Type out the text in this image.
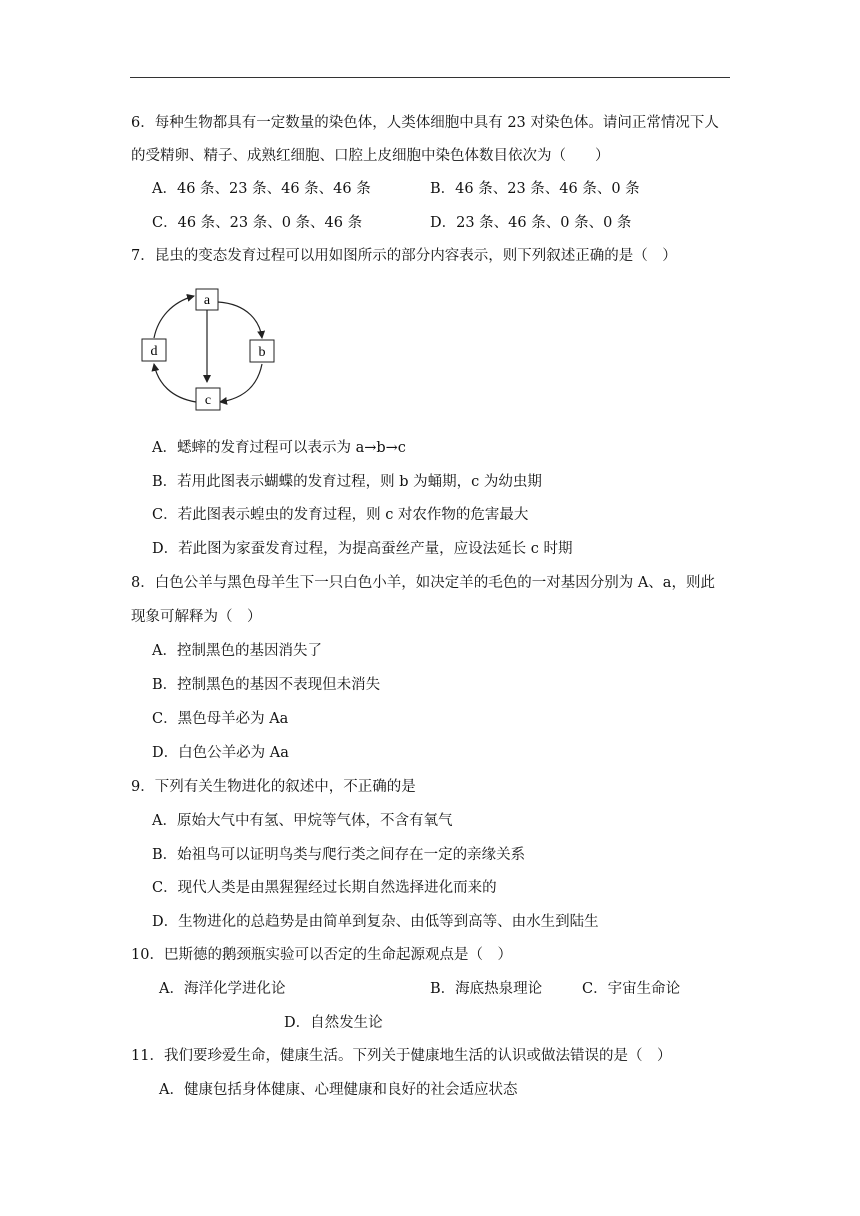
6．每种生物都具有一定数量的染色体，人类体细胞中具有 23 对染色体。请问正常情况下人
的受精卵、精子、成熟红细胞、口腔上皮细胞中染色体数目依次为（　　）
A．46 条、23 条、46 条、46 条	B．46 条、23 条、46 条、0 条
C．46 条、23 条、0 条、46 条	D．23 条、46 条、0 条、0 条
7．昆虫的变态发育过程可以用如图所示的部分内容表示，则下列叙述正确的是（　）
a
b
c
d
A．蟋蟀的发育过程可以表示为 a→b→c
B．若用此图表示蝴蝶的发育过程，则 b 为蛹期，c 为幼虫期
C．若此图表示蝗虫的发育过程，则 c 对农作物的危害最大
D．若此图为家蚕发育过程，为提高蚕丝产量，应设法延长 c 时期
8．白色公羊与黑色母羊生下一只白色小羊，如决定羊的毛色的一对基因分别为 A、a，则此
现象可解释为（　）
A．控制黑色的基因消失了
B．控制黑色的基因不表现但未消失
C．黑色母羊必为 Aa
D．白色公羊必为 Aa
9．下列有关生物进化的叙述中，不正确的是
A．原始大气中有氢、甲烷等气体，不含有氧气
B．始祖鸟可以证明鸟类与爬行类之间存在一定的亲缘关系
C．现代人类是由黑猩猩经过长期自然选择进化而来的
D．生物进化的总趋势是由简单到复杂、由低等到高等、由水生到陆生
10．巴斯德的鹅颈瓶实验可以否定的生命起源观点是（　）
A．海洋化学进化论	B．海底热泉理论	C．宇宙生命论
D．自然发生论
11．我们要珍爱生命，健康生活。下列关于健康地生活的认识或做法错误的是（　）
A．健康包括身体健康、心理健康和良好的社会适应状态
